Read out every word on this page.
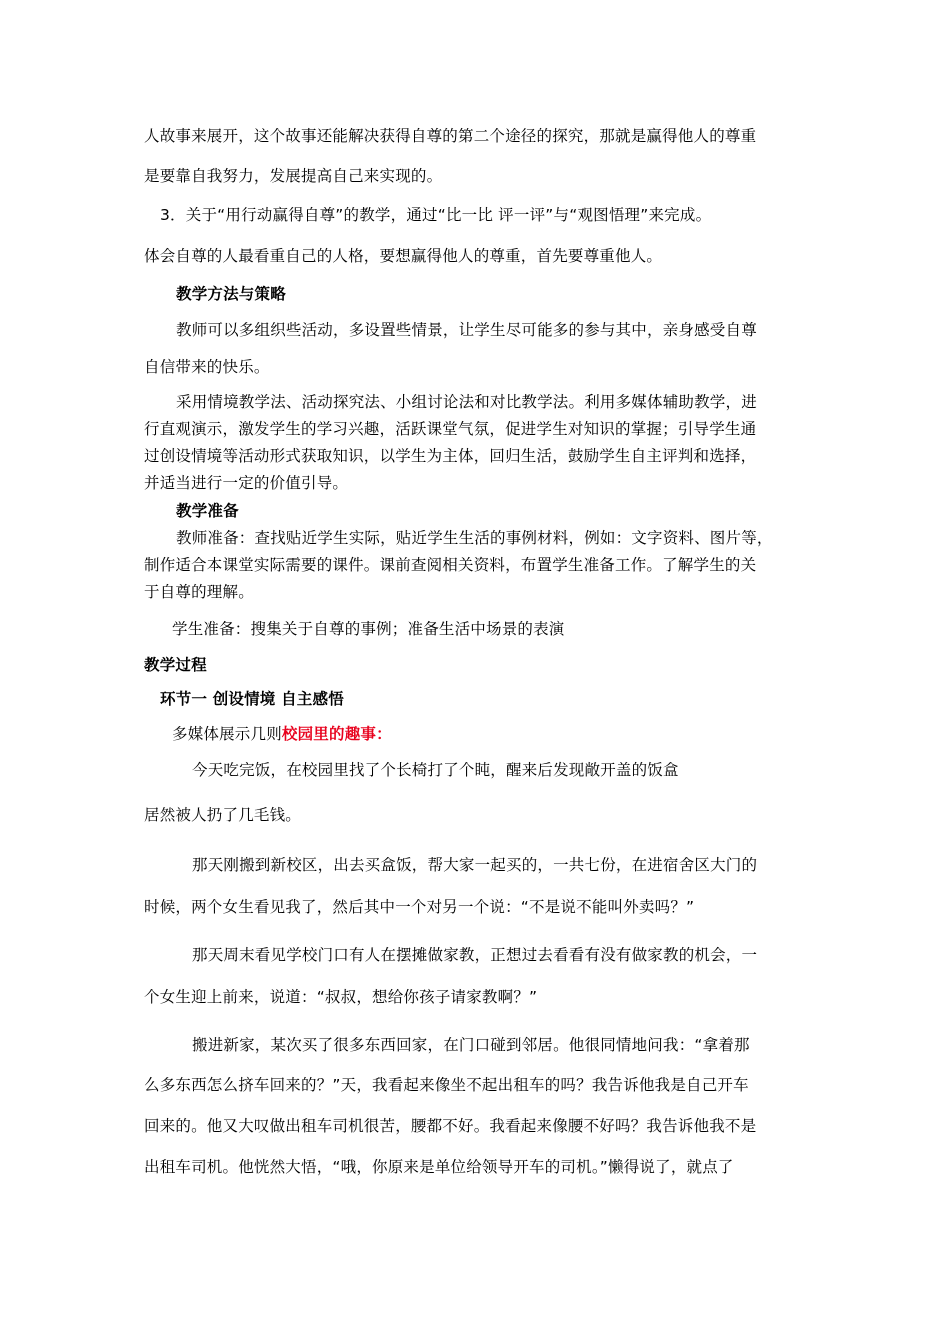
人故事来展开，这个故事还能解决获得自尊的第二个途径的探究，那就是赢得他人的尊重
是要靠自我努力，发展提高自己来实现的。
3．关于“用行动赢得自尊”的教学，通过“比一比 评一评”与“观图悟理”来完成。
体会自尊的人最看重自己的人格，要想赢得他人的尊重，首先要尊重他人。
教学方法与策略
教师可以多组织些活动，多设置些情景，让学生尽可能多的参与其中，亲身感受自尊
自信带来的快乐。
采用情境教学法、活动探究法、小组讨论法和对比教学法。利用多媒体辅助教学，进
行直观演示，激发学生的学习兴趣，活跃课堂气氛，促进学生对知识的掌握；引导学生通
过创设情境等活动形式获取知识，以学生为主体，回归生活，鼓励学生自主评判和选择，
并适当进行一定的价值引导。
教学准备
教师准备：查找贴近学生实际，贴近学生生活的事例材料，例如：文字资料、图片等，
制作适合本课堂实际需要的课件。课前查阅相关资料，布置学生准备工作。了解学生的关
于自尊的理解。
学生准备：搜集关于自尊的事例；准备生活中场景的表演
教学过程
环节一 创设情境 自主感悟
多媒体展示几则校园里的趣事：
今天吃完饭，在校园里找了个长椅打了个盹，醒来后发现敞开盖的饭盒
居然被人扔了几毛钱。
那天刚搬到新校区，出去买盒饭，帮大家一起买的，一共七份，在进宿舍区大门的
时候，两个女生看见我了，然后其中一个对另一个说：“不是说不能叫外卖吗？”
那天周末看见学校门口有人在摆摊做家教，正想过去看看有没有做家教的机会，一
个女生迎上前来，说道：“叔叔，想给你孩子请家教啊？”
搬进新家，某次买了很多东西回家，在门口碰到邻居。他很同情地问我：“拿着那
么多东西怎么挤车回来的？”天，我看起来像坐不起出租车的吗？我告诉他我是自己开车
回来的。他又大叹做出租车司机很苦，腰都不好。我看起来像腰不好吗？我告诉他我不是
出租车司机。他恍然大悟，“哦，你原来是单位给领导开车的司机。”懒得说了，就点了
